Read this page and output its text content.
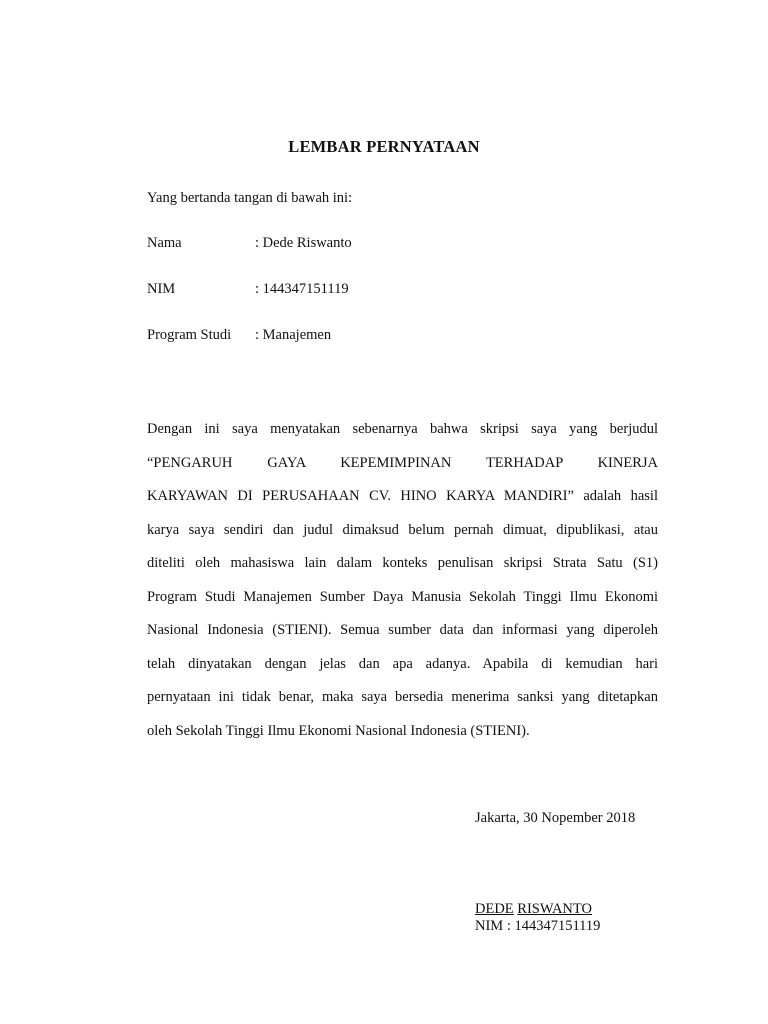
LEMBAR PERNYATAAN
Yang bertanda tangan di bawah ini:
Nama	: Dede Riswanto
NIM	: 144347151119
Program Studi : Manajemen
Dengan ini saya menyatakan sebenarnya bahwa skripsi saya yang berjudul
“PENGARUH GAYA KEPEMIMPINAN TERHADAP KINERJA
KARYAWAN DI PERUSAHAAN CV. HINO KARYA MANDIRI” adalah hasil
karya saya sendiri dan judul dimaksud belum pernah dimuat, dipublikasi, atau
diteliti oleh mahasiswa lain dalam konteks penulisan skripsi Strata Satu (S1)
Program Studi Manajemen Sumber Daya Manusia Sekolah Tinggi Ilmu Ekonomi
Nasional Indonesia (STIENI). Semua sumber data dan informasi yang diperoleh
telah dinyatakan dengan jelas dan apa adanya. Apabila di kemudian hari
pernyataan ini tidak benar, maka saya bersedia menerima sanksi yang ditetapkan
oleh Sekolah Tinggi Ilmu Ekonomi Nasional Indonesia (STIENI).
Jakarta, 30 Nopember 2018
DEDE RISWANTO
NIM : 144347151119
